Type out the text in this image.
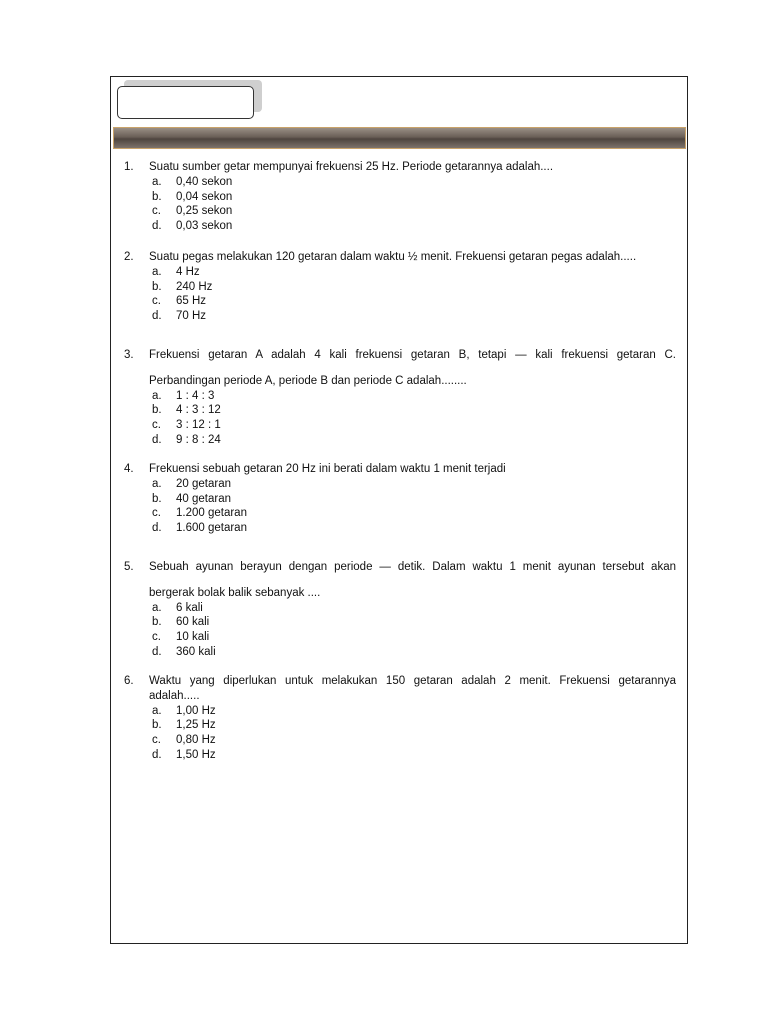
1.	Suatu sumber getar mempunyai frekuensi 25 Hz. Periode getarannya adalah....
a.	0,40 sekon
b.	0,04 sekon
c.	0,25 sekon
d.	0,03 sekon
2.	Suatu pegas melakukan 120 getaran dalam waktu ½ menit. Frekuensi getaran pegas adalah.....
a.	4 Hz
b.	240 Hz
c.	65 Hz
d.	70 Hz
3.	Frekuensi getaran A adalah 4 kali frekuensi getaran B, tetapi — kali frekuensi getaran C.
Perbandingan periode A, periode B dan periode C adalah........
a.	1 : 4 : 3
b.	4 : 3 : 12
c.	3 : 12 : 1
d.	9 : 8 : 24
4.	Frekuensi sebuah getaran 20 Hz ini berati dalam waktu 1 menit terjadi
a.	20 getaran
b.	40 getaran
c.	1.200 getaran
d.	1.600 getaran
5.	Sebuah ayunan berayun dengan periode — detik. Dalam waktu 1 menit ayunan tersebut akan
bergerak bolak balik sebanyak ....
a.	6 kali
b.	60 kali
c.	10 kali
d.	360 kali
6.	Waktu yang diperlukan untuk melakukan 150 getaran adalah 2 menit. Frekuensi getarannya
adalah.....
a.	1,00 Hz
b.	1,25 Hz
c.	0,80 Hz
d.	1,50 Hz
